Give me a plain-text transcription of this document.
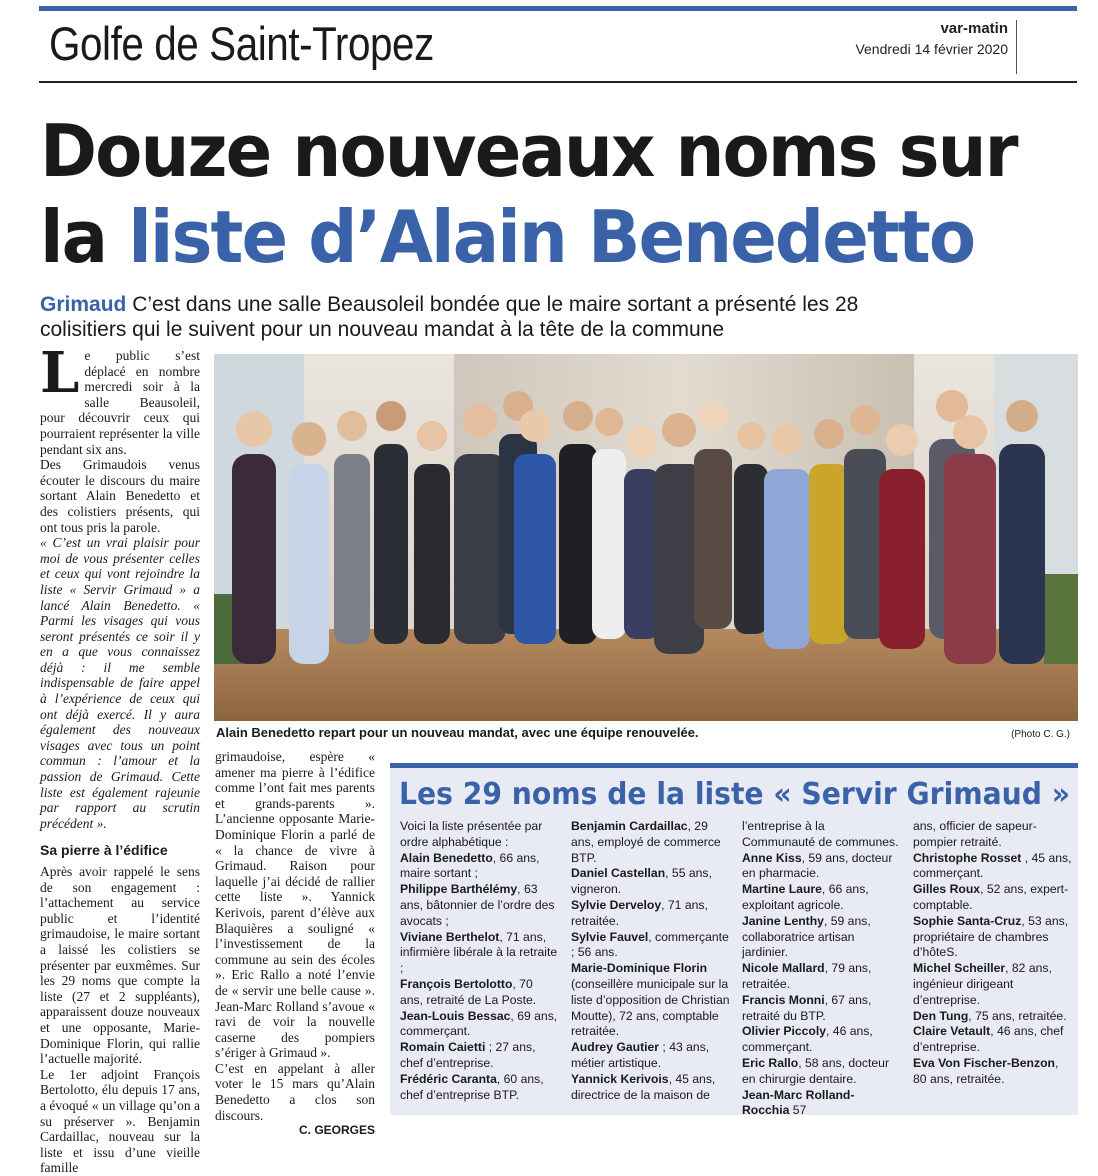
Golfe de Saint-Tropez	var-matin
Vendredi 14 février 2020
Douze nouveaux noms sur
la liste d’Alain Benedetto
Grimaud C’est dans une salle Beausoleil bondée que le maire sortant a présenté les 28 colisitiers qui le suivent pour un nouveau mandat à la tête de la commune
L e public s’est déplacé en nombre mercredi soir à la salle Beausoleil, pour découvrir ceux qui pourraient représenter la ville pendant six ans.

Des Grimaudois venus écouter le discours du maire sortant Alain Benedetto et des colistiers présents, qui ont tous pris la parole.

« C’est un vrai plaisir pour moi de vous présenter celles et ceux qui vont rejoindre la liste « Servir Grimaud » a lancé Alain Benedetto. « Parmi les visages qui vous seront présentés ce soir il y en a que vous connaissez déjà : il me semble indispensable de faire appel à l’expérience de ceux qui ont déjà exercé. Il y aura également des nouveaux visages avec tous un point commun : l’amour et la passion de Grimaud. Cette liste est également rajeunie par rapport au scrutin précédent ».

Sa pierre à l’édifice

Après avoir rappelé le sens de son engagement : l’attachement au service public et l’identité grimaudoise, le maire sortant a laissé les colistiers se présenter par euxmêmes. Sur les 29 noms que compte la liste (27 et 2 suppléants), apparaissent douze nouveaux et une opposante, Marie-Dominique Florin, qui rallie l’actuelle majorité.

Le 1er adjoint François Bertolotto, élu depuis 17 ans, a évoqué « un village qu’on a su préserver ». Benjamin Cardaillac, nouveau sur la liste et issu d’une vieille famille

Alain Benedetto repart pour un nouveau mandat, avec une équipe renouvelée.	(Photo C. G.)

grimaudoise, espère « amener ma pierre à l’édifice comme l’ont fait mes parents et grands-parents ». L’ancienne opposante Marie-Dominique Florin a parlé de « la chance de vivre à Grimaud. Raison pour laquelle j’ai décidé de rallier cette liste ». Yannick Kerivois, parent d’élève aux Blaquières a souligné « l’investissement de la commune au sein des écoles ». Eric Rallo a noté l’envie de « servir une belle cause ». Jean-Marc Rolland s’avoue « ravi de voir la nouvelle caserne des pompiers s’ériger à Grimaud ».

C’est en appelant à aller voter le 15 mars qu’Alain Benedetto a clos son discours.

C. GEORGES
Les 29 noms de la liste « Servir Grimaud »
Voici la liste présentée par ordre alphabétique :
Alain Benedetto, 66 ans, maire sortant ;
Philippe Barthélémy, 63 ans, bâtonnier de l’ordre des avocats ;
Viviane Berthelot, 71 ans, infirmière libérale à la retraite ;
François Bertolotto, 70 ans, retraité de La Poste.
Jean-Louis Bessac, 69 ans, commerçant.
Romain Caietti ; 27 ans, chef d’entreprise.
Frédéric Caranta, 60 ans, chef d’entreprise BTP.
Benjamin Cardaillac, 29 ans, employé de commerce BTP.
Daniel Castellan, 55 ans, vigneron.
Sylvie Derveloy, 71 ans, retraitée.
Sylvie Fauvel, commerçante ; 56 ans.
Marie-Dominique Florin (conseillère municipale sur la liste d’opposition de Christian Moutte), 72 ans, comptable retraitée.
Audrey Gautier ; 43 ans, métier artistique.
Yannick Kerivois, 45 ans, directrice de la maison de
l’entreprise à la Communauté de communes.
Anne Kiss, 59 ans, docteur en pharmacie.
Martine Laure, 66 ans, exploitant agricole.
Janine Lenthy, 59 ans, collaboratrice artisan jardinier.
Nicole Mallard, 79 ans, retraitée.
Francis Monni, 67 ans, retraité du BTP.
Olivier Piccoly, 46 ans, commerçant.
Eric Rallo, 58 ans, docteur en chirurgie dentaire.
Jean-Marc Rolland-Rocchia 57
ans, officier de sapeur-pompier retraité.
Christophe Rosset , 45 ans, commerçant.
Gilles Roux, 52 ans, expert-comptable.
Sophie Santa-Cruz, 53 ans, propriétaire de chambres d’hôteS.
Michel Scheiller, 82 ans, ingénieur dirigeant d’entreprise.
Den Tung, 75 ans, retraitée.
Claire Vetault, 46 ans, chef d’entreprise.
Eva Von Fischer-Benzon, 80 ans, retraitée.
